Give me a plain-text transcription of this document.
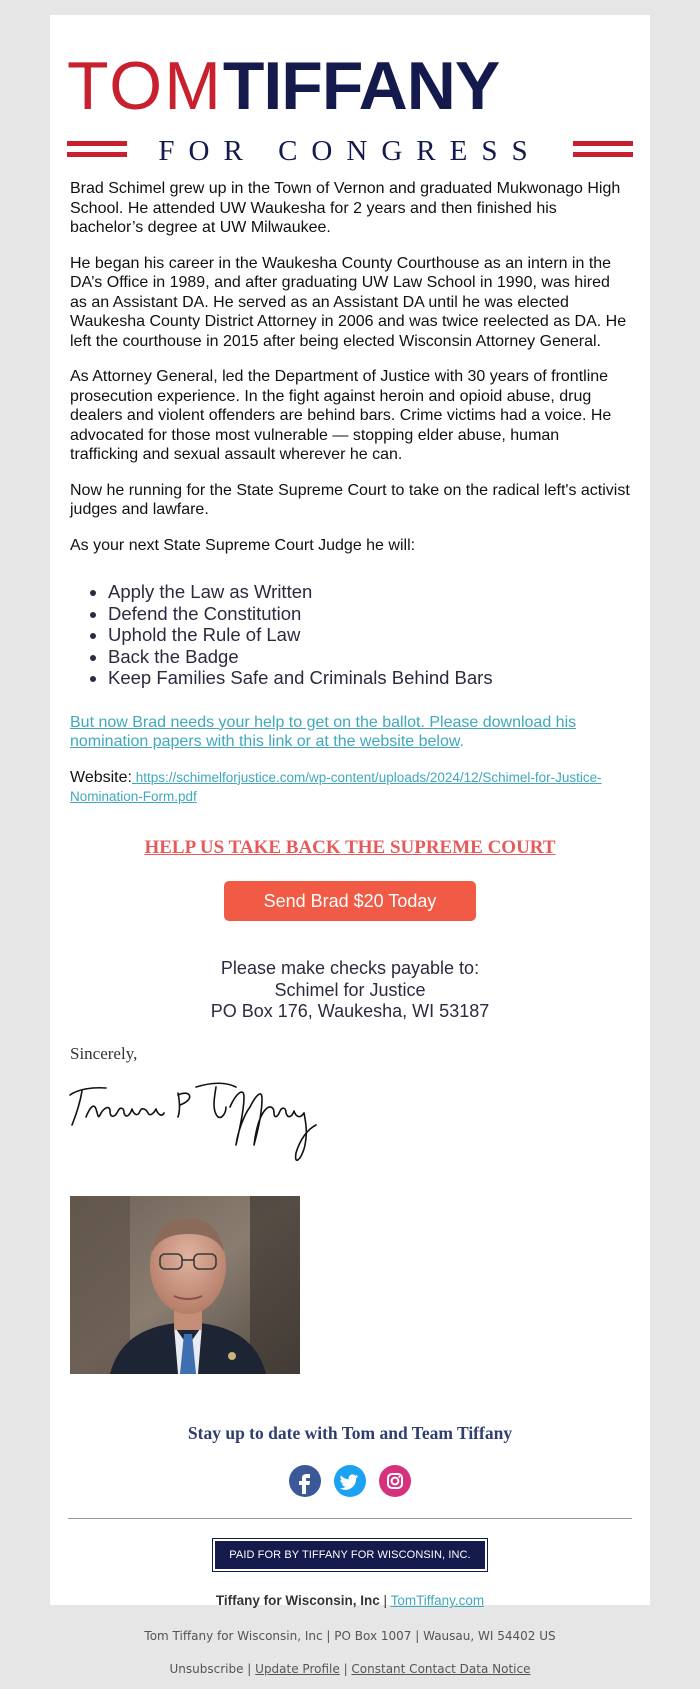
TOMTIFFANY
FOR CONGRESS

Brad Schimel grew up in the Town of Vernon and graduated Mukwonago High School. He attended UW Waukesha for 2 years and then finished his bachelor’s degree at UW Milwaukee.

He began his career in the Waukesha County Courthouse as an intern in the DA’s Office in 1989, and after graduating UW Law School in 1990, was hired as an Assistant DA. He served as an Assistant DA until he was elected Waukesha County District Attorney in 2006 and was twice reelected as DA. He left the courthouse in 2015 after being elected Wisconsin Attorney General.

As Attorney General, led the Department of Justice with 30 years of frontline prosecution experience. In the fight against heroin and opioid abuse, drug dealers and violent offenders are behind bars. Crime victims had a voice. He advocated for those most vulnerable — stopping elder abuse, human trafficking and sexual assault wherever he can.

Now he running for the State Supreme Court to take on the radical left's activist judges and lawfare.

As your next State Supreme Court Judge he will:

• Apply the Law as Written
• Defend the Constitution
• Uphold the Rule of Law
• Back the Badge
• Keep Families Safe and Criminals Behind Bars

But now Brad needs your help to get on the ballot. Please download his nomination papers with this link or at the website below.

Website: https://schimelforjustice.com/wp-content/uploads/2024/12/Schimel-for-Justice-Nomination-Form.pdf

HELP US TAKE BACK THE SUPREME COURT
Send Brad $20 Today
Please make checks payable to:
Schimel for Justice
PO Box 176, Waukesha, WI 53187
Sincerely,
Stay up to date with Tom and Team Tiffany
PAID FOR BY TIFFANY FOR WISCONSIN, INC.
Tiffany for Wisconsin, Inc | TomTiffany.com
Tom Tiffany for Wisconsin, Inc | PO Box 1007 | Wausau, WI 54402 US
Unsubscribe | Update Profile | Constant Contact Data Notice
